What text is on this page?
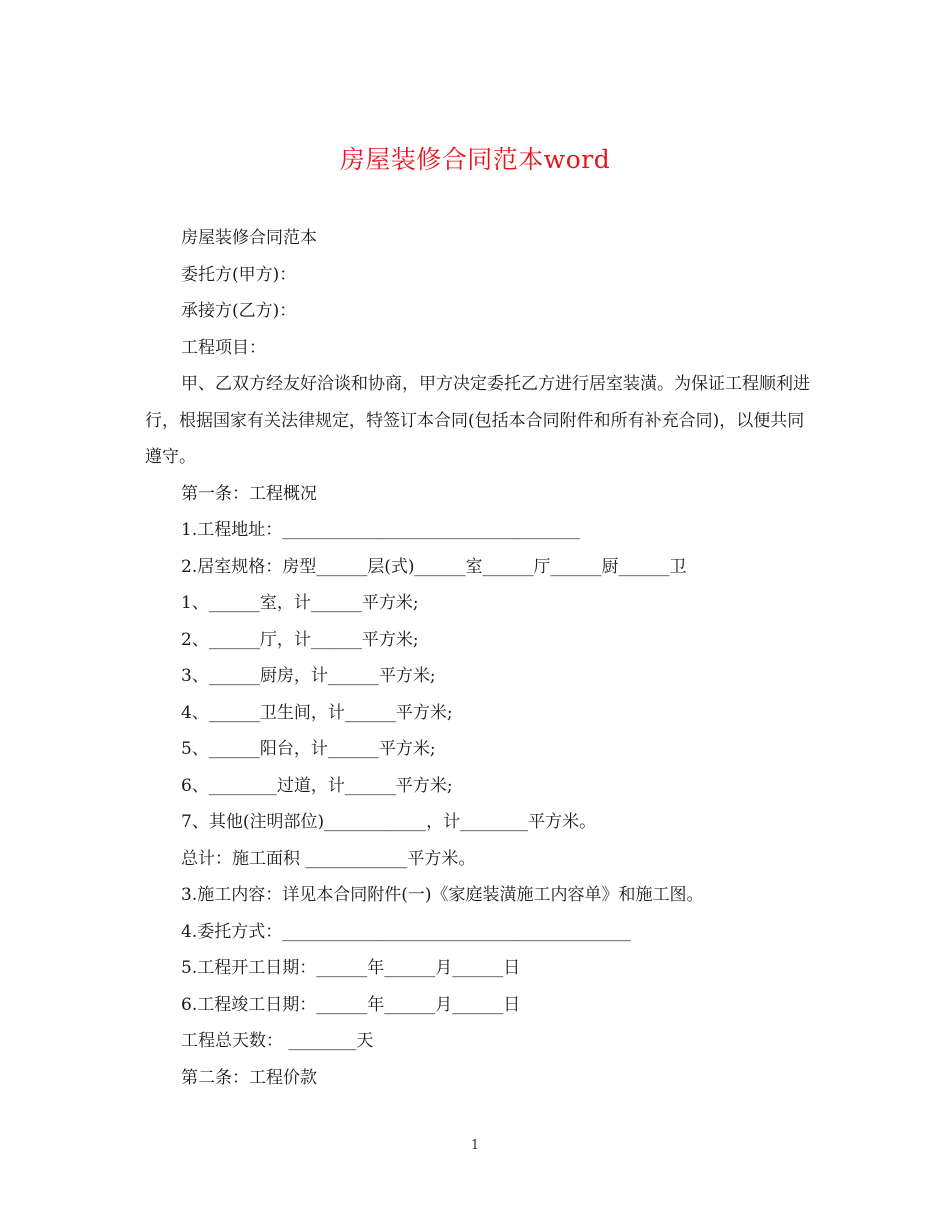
房屋装修合同范本word

房屋装修合同范本

委托方(甲方)：

承接方(乙方)：

工程项目：

甲、乙双方经友好洽谈和协商，甲方决定委托乙方进行居室装潢。为保证工程顺利进行，根据国家有关法律规定，特签订本合同(包括本合同附件和所有补充合同)，以便共同遵守。

第一条：工程概况

1.工程地址：___________________________________

2.居室规格：房型______层(式)______室______厅______厨______卫

1、______室，计______平方米;

2、______厅，计______平方米;

3、______厨房，计______平方米;

4、______卫生间，计______平方米;

5、______阳台，计______平方米;

6、________过道，计______平方米;

7、其他(注明部位)____________，计________平方米。

总计：施工面积 ____________平方米。

3.施工内容：详见本合同附件(一)《家庭装潢施工内容单》和施工图。

4.委托方式：_________________________________________

5.工程开工日期：______年______月______日

6.工程竣工日期：______年______月______日

工程总天数： ________天

第二条：工程价款

1
